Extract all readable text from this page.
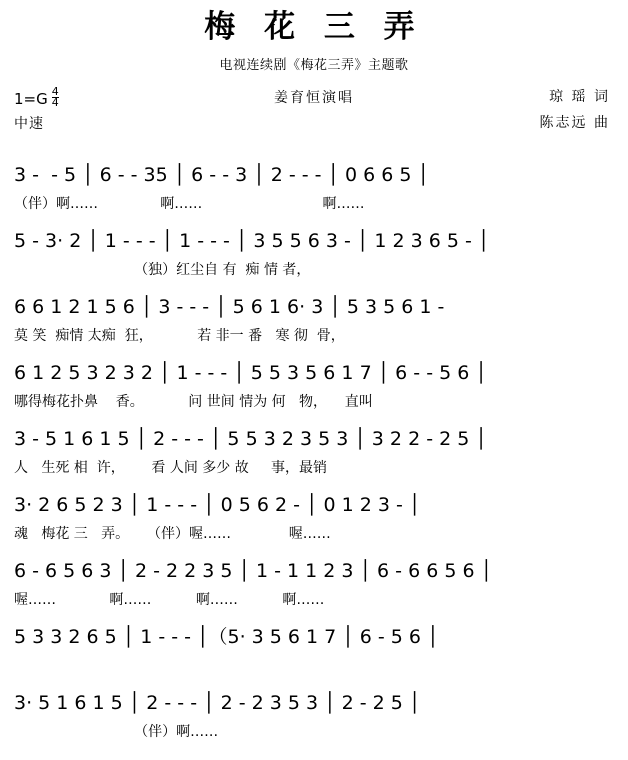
梅 花 三 弄
电视连续剧《梅花三弄》主题歌
姜育恒演唱
$1=G \frac{4}{4}$
中速
琼 瑶 词
陈志远 曲
3 -  - 5 │ 6 - - 35 │ 6 - - 3 │ 2 - - - │ 0 6 6 5 │
（伴）啊……              啊……                           啊……
5 - 3· 2 │ 1 - - - │ 1 - - - │ 3 5 5 6 3 - │ 1 2 3 6 5 - │
（独）红尘自 有  痴 情 者，
6 6 1 2 1 5 6 │ 3 - - - │ 5 6 1 6· 3 │ 5 3 5 6 1 -
莫 笑  痴情 太痴  狂，          若 非一 番   寒 彻  骨，
6 1 2 5 3 2 3 2 │ 1 - - - │ 5 5 3 5 6 1 7 │ 6 - - 5 6 │
哪得梅花扑鼻    香。          问 世间 情为 何   物，    直叫
3 - 5 1 6 1 5 │ 2 - - - │ 5 5 3 2 3 5 3 │ 3 2 2 - 2 5 │
人   生死 相  许，      看 人间 多少 故     事，最销
3· 2 6 5 2 3 │ 1 - - - │ 0 5 6 2 - │ 0 1 2 3 - │
魂   梅花 三   弄。    （伴）喔……             喔……
6 - 6 5 6 3 │ 2 - 2 2 3 5 │ 1 - 1 1 2 3 │ 6 - 6 6 5 6 │
喔……            啊……          啊……          啊……
5 3 3 2 6 5 │ 1 - - - │（5· 3 5 6 1 7 │ 6 - 5 6 │
3· 5 1 6 1 5 │ 2 - - - │ 2 - 2 3 5 3 │ 2 - 2 5 │
（伴）啊……
